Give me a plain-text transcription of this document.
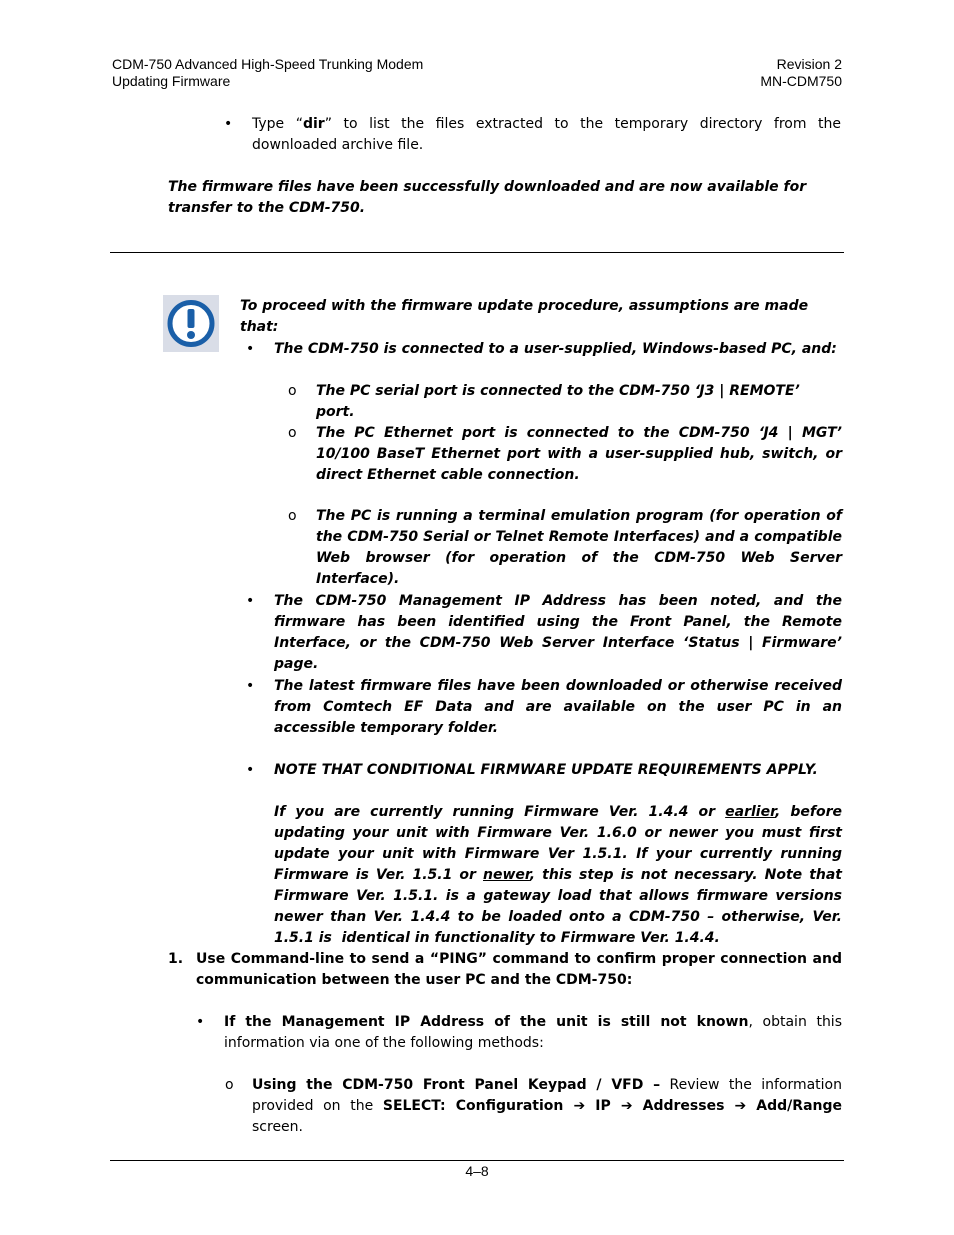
CDM-750 Advanced High-Speed Trunking Modem
Updating Firmware
Revision 2
MN-CDM750
• Type “dir” to list the files extracted to the temporary directory from the downloaded archive file.
The firmware files have been successfully downloaded and are now available for transfer to the CDM-750.
To proceed with the firmware update procedure, assumptions are made that:
• The CDM-750 is connected to a user-supplied, Windows-based PC, and:
o The PC serial port is connected to the CDM-750 ‘J3 | REMOTE’ port.
o The PC Ethernet port is connected to the CDM-750 ‘J4 | MGT’ 10/100 BaseT Ethernet port with a user-supplied hub, switch, or direct Ethernet cable connection.
o The PC is running a terminal emulation program (for operation of the CDM-750 Serial or Telnet Remote Interfaces) and a compatible Web browser (for operation of the CDM-750 Web Server Interface).
• The CDM-750 Management IP Address has been noted, and the firmware has been identified using the Front Panel, the Remote Interface, or the CDM-750 Web Server Interface ‘Status | Firmware’ page.
• The latest firmware files have been downloaded or otherwise received from Comtech EF Data and are available on the user PC in an accessible temporary folder.
• NOTE THAT CONDITIONAL FIRMWARE UPDATE REQUIREMENTS APPLY.
If you are currently running Firmware Ver. 1.4.4 or earlier, before updating your unit with Firmware Ver. 1.6.0 or newer you must first update your unit with Firmware Ver 1.5.1. If your currently running Firmware is Ver. 1.5.1 or newer, this step is not necessary. Note that Firmware Ver. 1.5.1. is a gateway load that allows firmware versions newer than Ver. 1.4.4 to be loaded onto a CDM-750 – otherwise, Ver. 1.5.1 is  identical in functionality to Firmware Ver. 1.4.4.
1. Use Command-line to send a “PING” command to confirm proper connection and communication between the user PC and the CDM-750:
• If the Management IP Address of the unit is still not known, obtain this information via one of the following methods:
o Using the CDM-750 Front Panel Keypad / VFD – Review the information provided on the SELECT: Configuration ➔ IP ➔ Addresses ➔ Add/Range screen.
4–8
